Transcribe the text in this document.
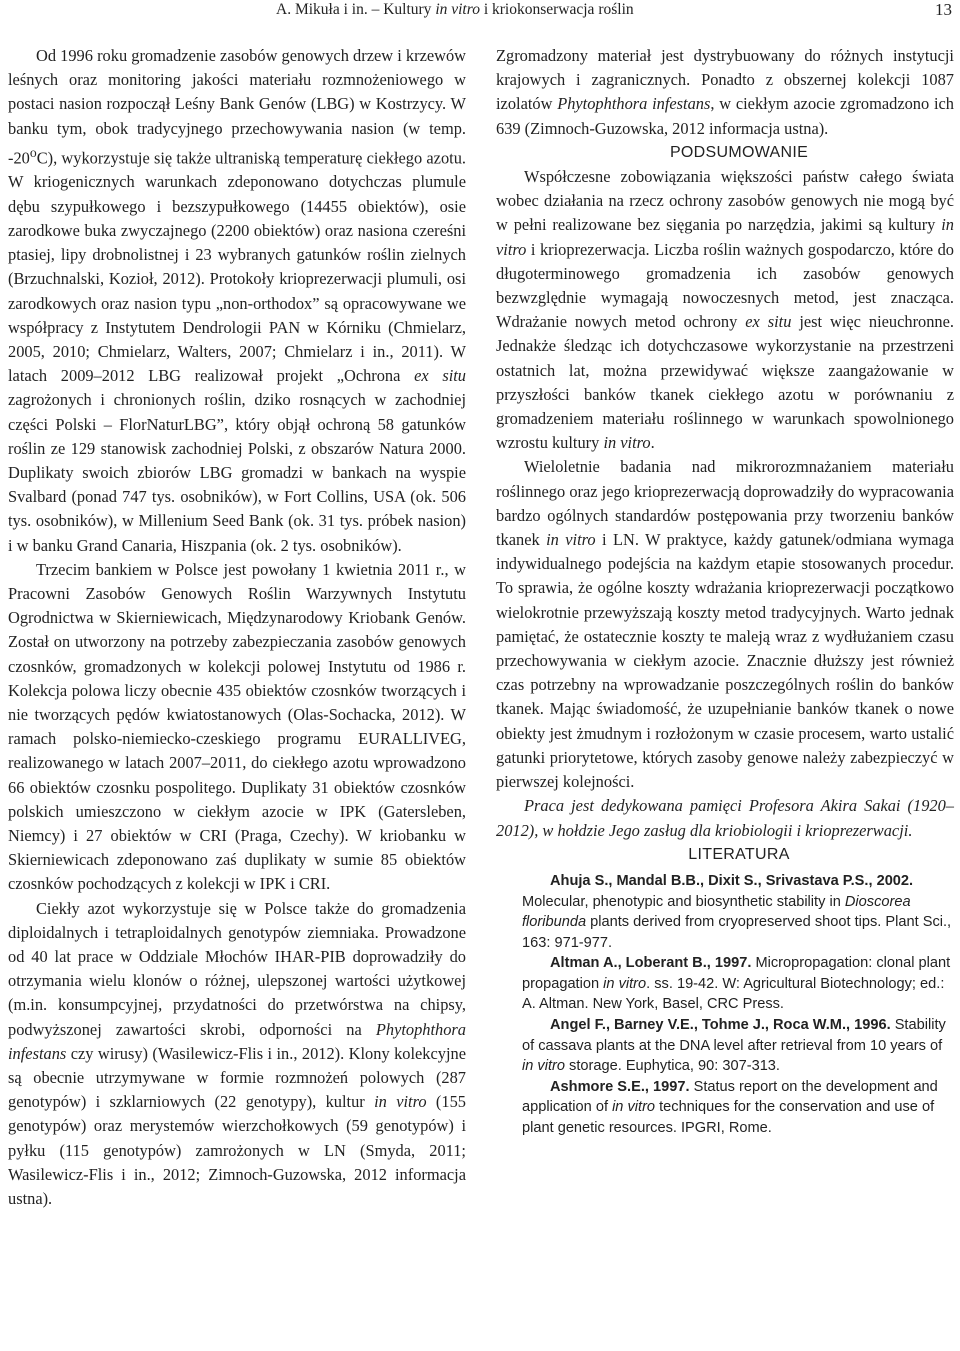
A. Mikuła i in. – Kultury in vitro i kriokonserwacja roślin	13

Od 1996 roku gromadzenie zasobów genowych drzew i krzewów leśnych oraz monitoring jakości materiału rozmnożeniowego w postaci nasion rozpoczął Leśny Bank Genów (LBG) w Kostrzycy. W banku tym, obok tradycyjnego przechowywania nasion (w temp. -20$^o$C), wykorzystuje się także ultraniską temperaturę ciekłego azotu. W kriogenicznych warunkach zdeponowano dotychczas plumule dębu szypułkowego i bezszypułkowego (14455 obiektów), osie zarodkowe buka zwyczajnego (2200 obiektów) oraz nasiona czereśni ptasiej, lipy drobnolistnej i 23 wybranych gatunków roślin zielnych (Brzuchnalski, Kozioł, 2012). Protokoły krioprezerwacji plumuli, osi zarodkowych oraz nasion typu „non-orthodox” są opracowywane we współpracy z Instytutem Dendrologii PAN w Kórniku (Chmielarz, 2005, 2010; Chmielarz, Walters, 2007; Chmielarz i in., 2011). W latach 2009–2012 LBG realizował projekt „Ochrona ex situ zagrożonych i chronionych roślin, dziko rosnących w zachodniej części Polski – FlorNaturLBG”, który objął ochroną 58 gatunków roślin ze 129 stanowisk zachodniej Polski, z obszarów Natura 2000. Duplikaty swoich zbiorów LBG gromadzi w bankach na wyspie Svalbard (ponad 747 tys. osobników), w Fort Collins, USA (ok. 506 tys. osobników), w Millenium Seed Bank (ok. 31 tys. próbek nasion) i w banku Grand Canaria, Hiszpania (ok. 2 tys. osobników).

Trzecim bankiem w Polsce jest powołany 1 kwietnia 2011 r., w Pracowni Zasobów Genowych Roślin Warzywnych Instytutu Ogrodnictwa w Skierniewicach, Międzynarodowy Kriobank Genów. Został on utworzony na potrzeby zabezpieczania zasobów genowych czosnków, gromadzonych w kolekcji polowej Instytutu od 1986 r. Kolekcja polowa liczy obecnie 435 obiektów czosnków tworzących i nie tworzących pędów kwiatostanowych (Olas-Sochacka, 2012). W ramach polsko-niemiecko-czeskiego programu EURALLIVEG, realizowanego w latach 2007–2011, do ciekłego azotu wprowadzono 66 obiektów czosnku pospolitego. Duplikaty 31 obiektów czosnków polskich umieszczono w ciekłym azocie w IPK (Gatersleben, Niemcy) i 27 obiektów w CRI (Praga, Czechy). W kriobanku w Skierniewicach zdeponowano zaś duplikaty w sumie 85 obiektów czosnków pochodzących z kolekcji w IPK i CRI.

Ciekły azot wykorzystuje się w Polsce także do gromadzenia diploidalnych i tetraploidalnych genotypów ziemniaka. Prowadzone od 40 lat prace w Oddziale Młochów IHAR-PIB doprowadziły do otrzymania wielu klonów o różnej, ulepszonej wartości użytkowej (m.in. konsumpcyjnej, przydatności do przetwórstwa na chipsy, podwyższonej zawartości skrobi, odporności na Phytophthora infestans czy wirusy) (Wasilewicz-Flis i in., 2012). Klony kolekcyjne są obecnie utrzymywane w formie rozmnożeń polowych (287 genotypów) i szklarniowych (22 genotypy), kultur in vitro (155 genotypów) oraz merystemów wierzchołkowych (59 genotypów) i pyłku (115 genotypów) zamrożonych w LN (Smyda, 2011; Wasilewicz-Flis i in., 2012; Zimnoch-Guzowska, 2012 informacja ustna).

Zgromadzony materiał jest dystrybuowany do różnych instytucji krajowych i zagranicznych. Ponadto z obszernej kolekcji 1087 izolatów Phytophthora infestans, w ciekłym azocie zgromadzono ich 639 (Zimnoch-Guzowska, 2012 informacja ustna).

PODSUMOWANIE

Współczesne zobowiązania większości państw całego świata wobec działania na rzecz ochrony zasobów genowych nie mogą być w pełni realizowane bez sięgania po narzędzia, jakimi są kultury in vitro i krioprezerwacja. Liczba roślin ważnych gospodarczo, które do długoterminowego gromadzenia ich zasobów genowych bezwzględnie wymagają nowoczesnych metod, jest znacząca. Wdrażanie nowych metod ochrony ex situ jest więc nieuchronne. Jednakże śledząc ich dotychczasowe wykorzystanie na przestrzeni ostatnich lat, można przewidywać większe zaangażowanie w przyszłości banków tkanek ciekłego azotu w porównaniu z gromadzeniem materiału roślinnego w warunkach spowolnionego wzrostu kultury in vitro.

Wieloletnie badania nad mikrorozmnażaniem materiału roślinnego oraz jego krioprezerwacją doprowadziły do wypracowania bardzo ogólnych standardów postępowania przy tworzeniu banków tkanek in vitro i LN. W praktyce, każdy gatunek/odmiana wymaga indywidualnego podejścia na każdym etapie stosowanych procedur. To sprawia, że ogólne koszty wdrażania krioprezerwacji początkowo wielokrotnie przewyższają koszty metod tradycyjnych. Warto jednak pamiętać, że ostatecznie koszty te maleją wraz z wydłużaniem czasu przechowywania w ciekłym azocie. Znacznie dłuższy jest również czas potrzebny na wprowadzanie poszczególnych roślin do banków tkanek. Mając świadomość, że uzupełnianie banków tkanek o nowe obiekty jest żmudnym i rozłożonym w czasie procesem, warto ustalić gatunki priorytetowe, których zasoby genowe należy zabezpieczyć w pierwszej kolejności.

Praca jest dedykowana pamięci Profesora Akira Sakai (1920–2012), w hołdzie Jego zasług dla kriobiologii i krioprezerwacji.

LITERATURA

Ahuja S., Mandal B.B., Dixit S., Srivastava P.S., 2002. Molecular, phenotypic and biosynthetic stability in Dioscorea floribunda plants derived from cryopreserved shoot tips. Plant Sci., 163: 971-977.

Altman A., Loberant B., 1997. Micropropagation: clonal plant propagation in vitro. ss. 19-42. W: Agricultural Biotechnology; ed.: A. Altman. New York, Basel, CRC Press.

Angel F., Barney V.E., Tohme J., Roca W.M., 1996. Stability of cassava plants at the DNA level after retrieval from 10 years of in vitro storage. Euphytica, 90: 307-313.

Ashmore S.E., 1997. Status report on the development and application of in vitro techniques for the conservation and use of plant genetic resources. IPGRI, Rome.
